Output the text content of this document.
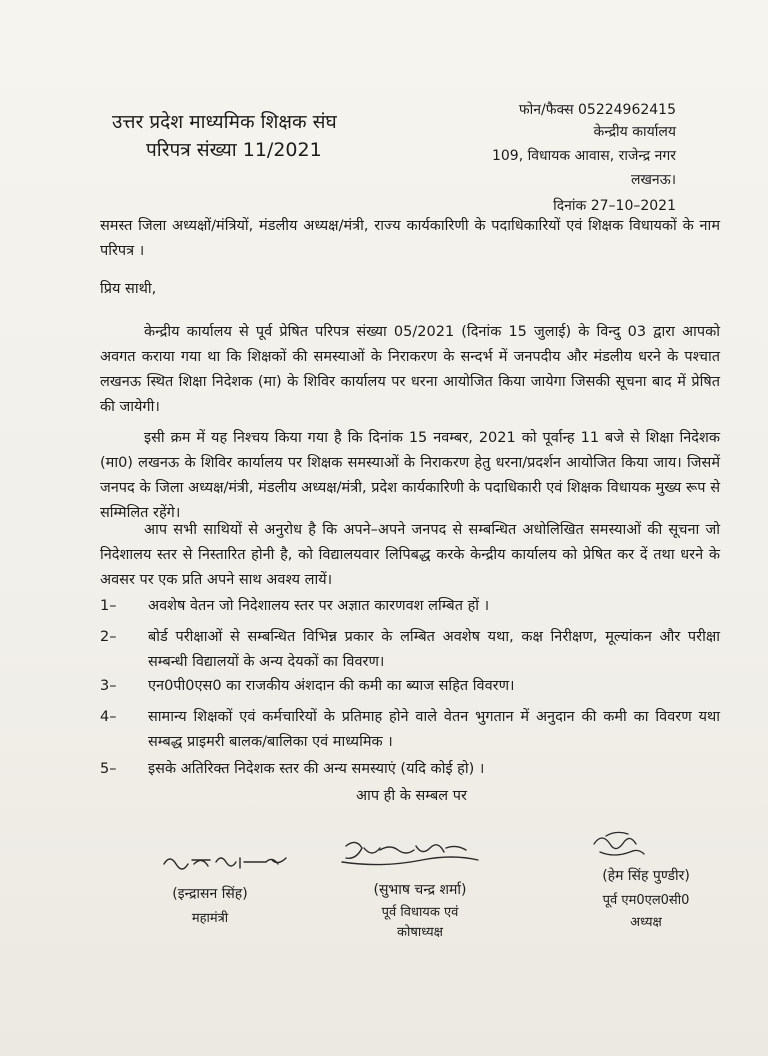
उत्तर प्रदेश माध्यमिक शिक्षक संघ
परिपत्र संख्या 11/2021
फोन/फैक्स 05224962415
केन्द्रीय कार्यालय
109, विधायक आवास, राजेन्द्र नगर
लखनऊ।
दिनांक 27–10–2021
समस्त जिला अध्यक्षों/मंत्रियों, मंडलीय अध्यक्ष/मंत्री, राज्य कार्यकारिणी के पदाधिकारियों एवं शिक्षक विधायकों के नाम परिपत्र ।
प्रिय साथी,
केन्द्रीय कार्यालय से पूर्व प्रेषित परिपत्र संख्या 05/2021 (दिनांक 15 जुलाई) के विन्दु 03 द्वारा आपको अवगत कराया गया था कि शिक्षकों की समस्याओं के निराकरण के सन्दर्भ में जनपदीय और मंडलीय धरने के पश्चात लखनऊ स्थित शिक्षा निदेशक (मा) के शिविर कार्यालय पर धरना आयोजित किया जायेगा जिसकी सूचना बाद में प्रेषित की जायेगी।
इसी क्रम में यह निश्चय किया गया है कि दिनांक 15 नवम्बर, 2021 को पूर्वान्ह 11 बजे से शिक्षा निदेशक (मा0) लखनऊ के शिविर कार्यालय पर शिक्षक समस्याओं के निराकरण हेतु धरना/प्रदर्शन आयोजित किया जाय। जिसमें जनपद के जिला अध्यक्ष/मंत्री, मंडलीय अध्यक्ष/मंत्री, प्रदेश कार्यकारिणी के पदाधिकारी एवं शिक्षक विधायक मुख्य रूप से सम्मिलित रहेंगे।
आप सभी साथियों से अनुरोध है कि अपने–अपने जनपद से सम्बन्धित अधोलिखित समस्याओं की सूचना जो निदेशालय स्तर से निस्तारित होनी है, को विद्यालयवार लिपिबद्ध करके केन्द्रीय कार्यालय को प्रेषित कर दें तथा धरने के अवसर पर एक प्रति अपने साथ अवश्य लायें।
1–	अवशेष वेतन जो निदेशालय स्तर पर अज्ञात कारणवश लम्बित हों ।
2–	बोर्ड परीक्षाओं से सम्बन्धित विभिन्न प्रकार के लम्बित अवशेष यथा, कक्ष निरीक्षण, मूल्यांकन और परीक्षा सम्बन्धी विद्यालयों के अन्य देयकों का विवरण।
3–	एन0पी0एस0 का राजकीय अंशदान की कमी का ब्याज सहित विवरण।
4–	सामान्य शिक्षकों एवं कर्मचारियों के प्रतिमाह होने वाले वेतन भुगतान में अनुदान की कमी का विवरण यथा सम्बद्ध प्राइमरी बालक/बालिका एवं माध्यमिक ।
5–	इसके अतिरिक्त निदेशक स्तर की अन्य समस्याएं (यदि कोई हो) ।
आप ही के सम्बल पर
(इन्द्रासन सिंह)
महामंत्री
(सुभाष चन्द्र शर्मा)
पूर्व विधायक एवं
कोषाध्यक्ष
(हेम सिंह पुण्डीर)
पूर्व एम0एल0सी0
अध्यक्ष
